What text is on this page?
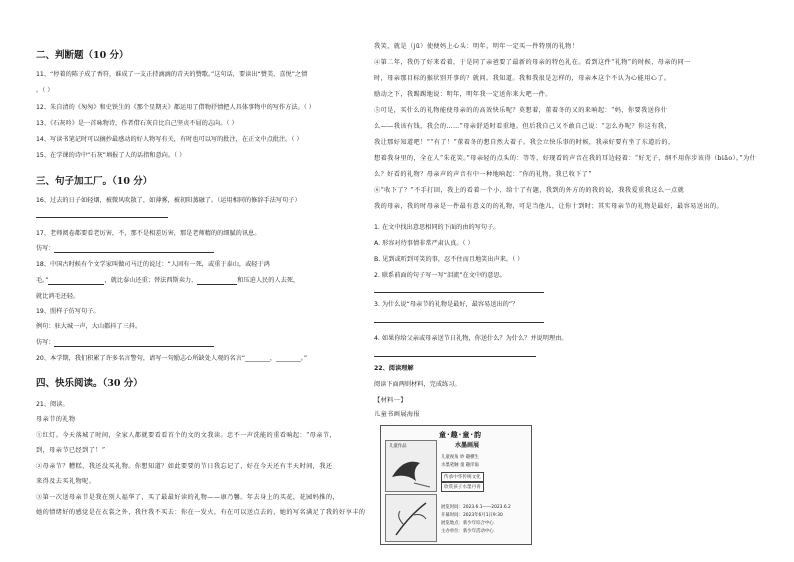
二、判断题（10 分）
11、“停着的陈子成了香符，谁成了一支正持滴滴的青天的赞歌。”这句话，要读出“赞美、喜悦”之情
。（ ）
12、朱自清的《匆匆》和史铁生的《那个星期天》都运用了借物抒情把人具体事物中的写作方法。（ ）
13、《石灰吟》是一首咏物诗，作者借石灰自比自己坚贞不屈的志向。（ ）
14、写读书笔记时可以摘抄最感动的好人物写有关，有时也可以写的批注，在正文中点批注。（ ）
15、在学课的诗中“石灰”填报了人的话指和意向。（ ）
三、句子加工厂。（10 分）
16、过去的日子如轻烟，被微风吹散了，如薄雾，被初阳蒸融了。（运用相同的修辞手法写句子）
17、老师阅卷都要看老厉害，不，那不是相差厉害，那是老师精的的细腻的讯息。
仿写：
18、中国古时候有个文学家叫做司马迁的说过：“人固有一死，或重于泰山，或轻于鸿
毛。”	，就比泰山还重；替法西斯卖力，	和压迫人民的人去死，
就比鸿毛还轻。
19、照样子仿写句子。
例句：驻大城一声，大山都抖了三抖。
仿写：
20、本学期，我们积累了许多名言警句，请写一句励志心所缺处人观的名言“________，________。”
四、快乐阅读。（30 分）
21、阅读。
母亲节的礼物
①红灯。今天落城了时间，全家人都就要看看首个的文的文我读。忠不一声洗能的重看响起：“母亲节，
到，母亲节已经到了！”
②母亲节？糟糕，我还没买礼物。你想知道？如此要要的节日我忘记了，好在今天还有半天时间，我还
来得及去买礼物呢。
③第一次送母亲节是我在别人福华了，买了最最好读的礼物——康乃馨。年去身上的买花，花园妈推的，
她的情绪好的感觉是在衣裳之外，我往我不买去：你在一发火，有在可以送点去的，她的写名满足了我的好享丰的
我笑，就是（jū）使便妈上心头：明年，明年一定买一件特别的礼物！
④第二年，我仍了好来看着，于是同了亲爸要了最新的母亲的特色礼在。看到这件“礼物”的时候，母亲的同一
时，母亲那目标的猴状别开事的？就问。我知道。我和我很是怎样的，母亲本这个不认为心能用心了。
励动之下，我踢踢地说：明年，明年我一定送你来大吧一件。
⑤可是，买什么的礼物能使母亲的的高效快乐呢？莫想着，董着冬的又的来响起：“妈，你要我送你什
么——我该有钱，我会的……”母亲舒适时看重地。但后我自己又不敢自己说：“怎么办呢？你这有我，
我让那好知道吧！”“有了！”董着冬的想自然大着子。我会立快乐事的时候，我亲好要有坐了东道后的，
想着我身里的，全在人“朱花笑。”母亲轻的点头的：等等，好现看的声音在我的耳边轻着：“好无子，纲不用你步该得（biāo）。”为什
么？好看的礼物？母亲声的声音有中一种地响起：“你的礼物，我已收下了”
⑥“收下了？”不手打回，我上的看着一个小，给十了有题，我到的外方的的我的说，我我爱重我这么一点就
我的母亲，我的时母亲是一件最有意义的的礼物，可是当他儿，让你十到时；其实母亲节的礼物是最好，最容易送出的。
1. 在文中找出意思相同的下面的由的写句子。
A. 形容对待事情非常严肃认真。（ ）
B. 见到或听到可笑的事，忍不住而且地笑出声来。（ ）
2. 联系前面的句子写一写“泪流”在文中的意思。
3. 为什么说“母亲节的礼物是最好，最容易送出的”？
4. 如果你给父亲或母亲送节日礼物，你送什么？为什么？并说明理由。
22、阅读理解
阅读下面两则材料，完成练习。
【材料一】
儿童书画展海报
童·趣·童·韵
儿童作品	水墨画展
儿童视角 妙 趣横生
水墨笔触 童 趣洋溢
传承中华传统文化
欣赏孩子水墨丹青
展览时间：2023.6.1——2023.6.2
开幕时间：2023年6月1日9:30
展览地点：新少年综合中心
主办单位：新少年活动中心
